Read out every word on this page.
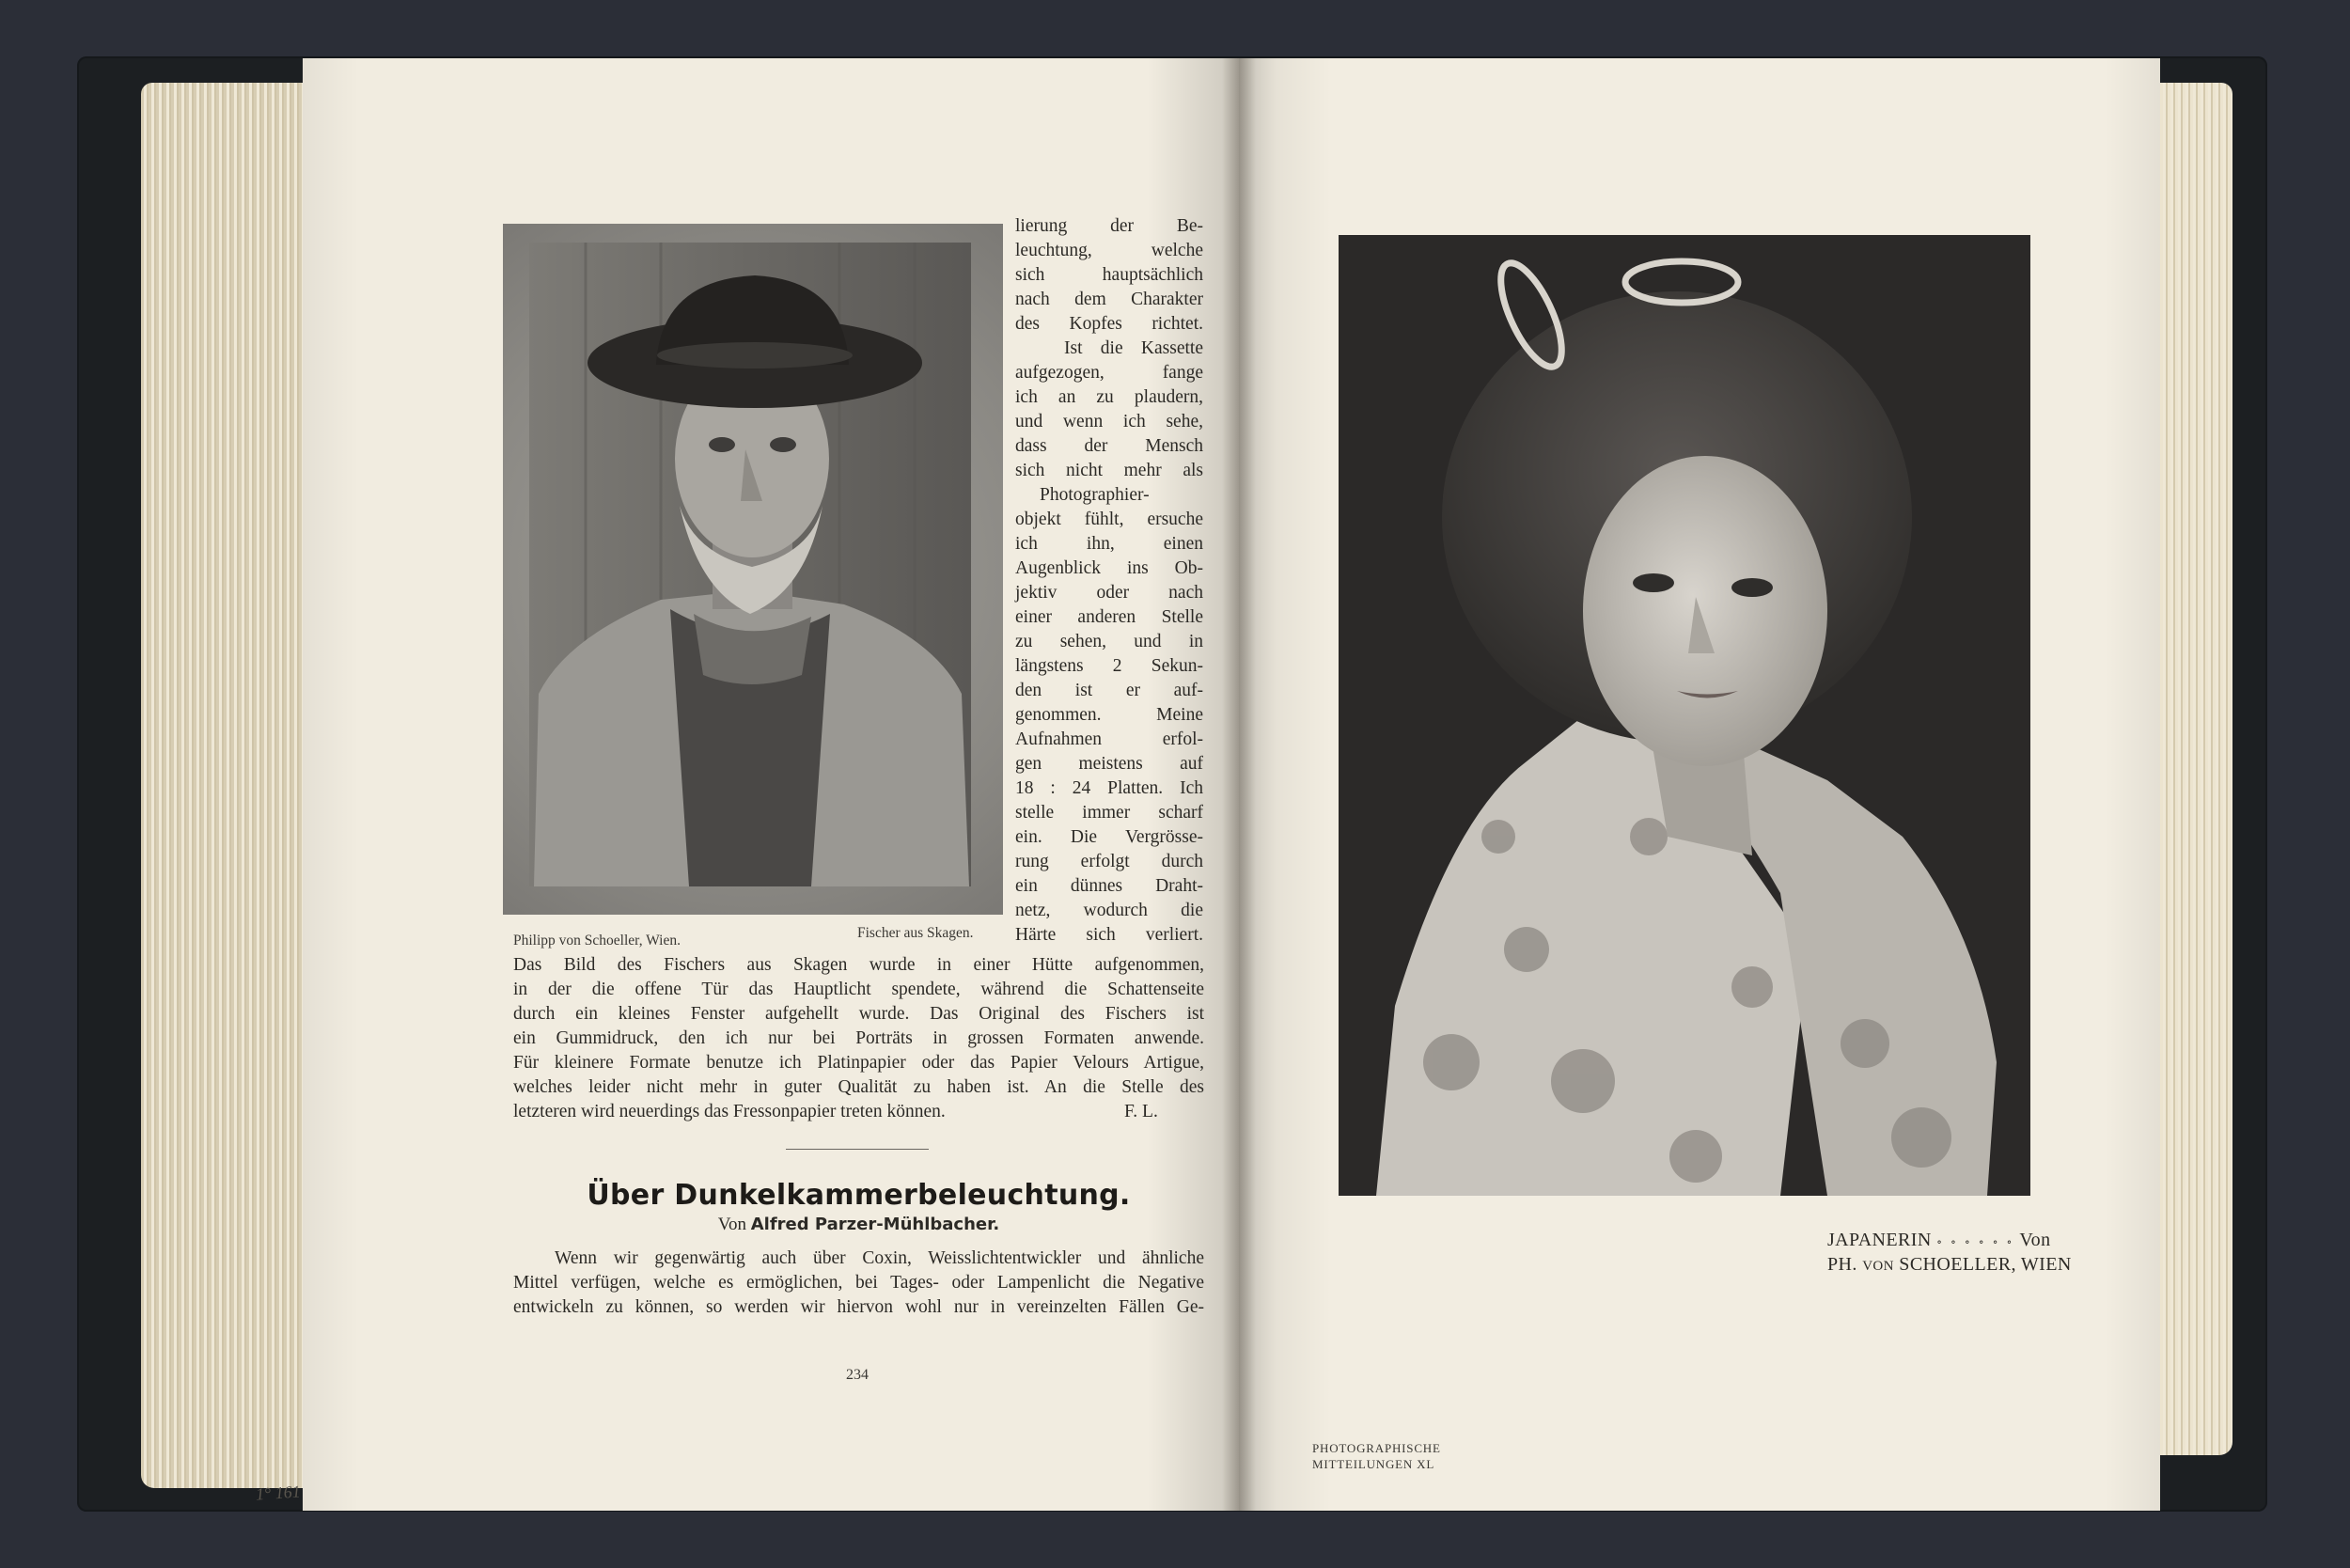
lierung der Be-
leuchtung, welche
sich hauptsächlich
nach dem Charakter
des Kopfes richtet.
Ist die Kassette
aufgezogen, fange
ich an zu plaudern,
und wenn ich sehe,
dass der Mensch
sich nicht mehr als
Photographier-
objekt fühlt, ersuche
ich ihn, einen
Augenblick ins Ob-
jektiv oder nach
einer anderen Stelle
zu sehen, und in
längstens 2 Sekun-
den ist er auf-
genommen. Meine
Aufnahmen erfol-
gen meistens auf
18 : 24 Platten. Ich
stelle immer scharf
ein. Die Vergrösse-
rung erfolgt durch
ein dünnes Draht-
netz, wodurch die
Härte sich verliert.
Philipp von Schoeller, Wien.	Fischer aus Skagen.
Das Bild des Fischers aus Skagen wurde in einer Hütte aufgenommen,
in der die offene Tür das Hauptlicht spendete, während die Schattenseite
durch ein kleines Fenster aufgehellt wurde. Das Original des Fischers ist
ein Gummidruck, den ich nur bei Porträts in grossen Formaten anwende.
Für kleinere Formate benutze ich Platinpapier oder das Papier Velours Artigue,
welches leider nicht mehr in guter Qualität zu haben ist. An die Stelle des
letzteren wird neuerdings das Fressonpapier treten können.	F. L.
Über Dunkelkammerbeleuchtung.
Von Alfred Parzer-Mühlbacher.
Wenn wir gegenwärtig auch über Coxin, Weisslichtentwickler und ähnliche
Mittel verfügen, welche es ermöglichen, bei Tages- oder Lampenlicht die Negative
entwickeln zu können, so werden wir hiervon wohl nur in vereinzelten Fällen Ge-
234
1° 161
JAPANERIN ∘ ∘ ∘ ∘ ∘ ∘ Von
PH. VON SCHOELLER, WIEN
PHOTOGRAPHISCHE
MITTEILUNGEN XL
